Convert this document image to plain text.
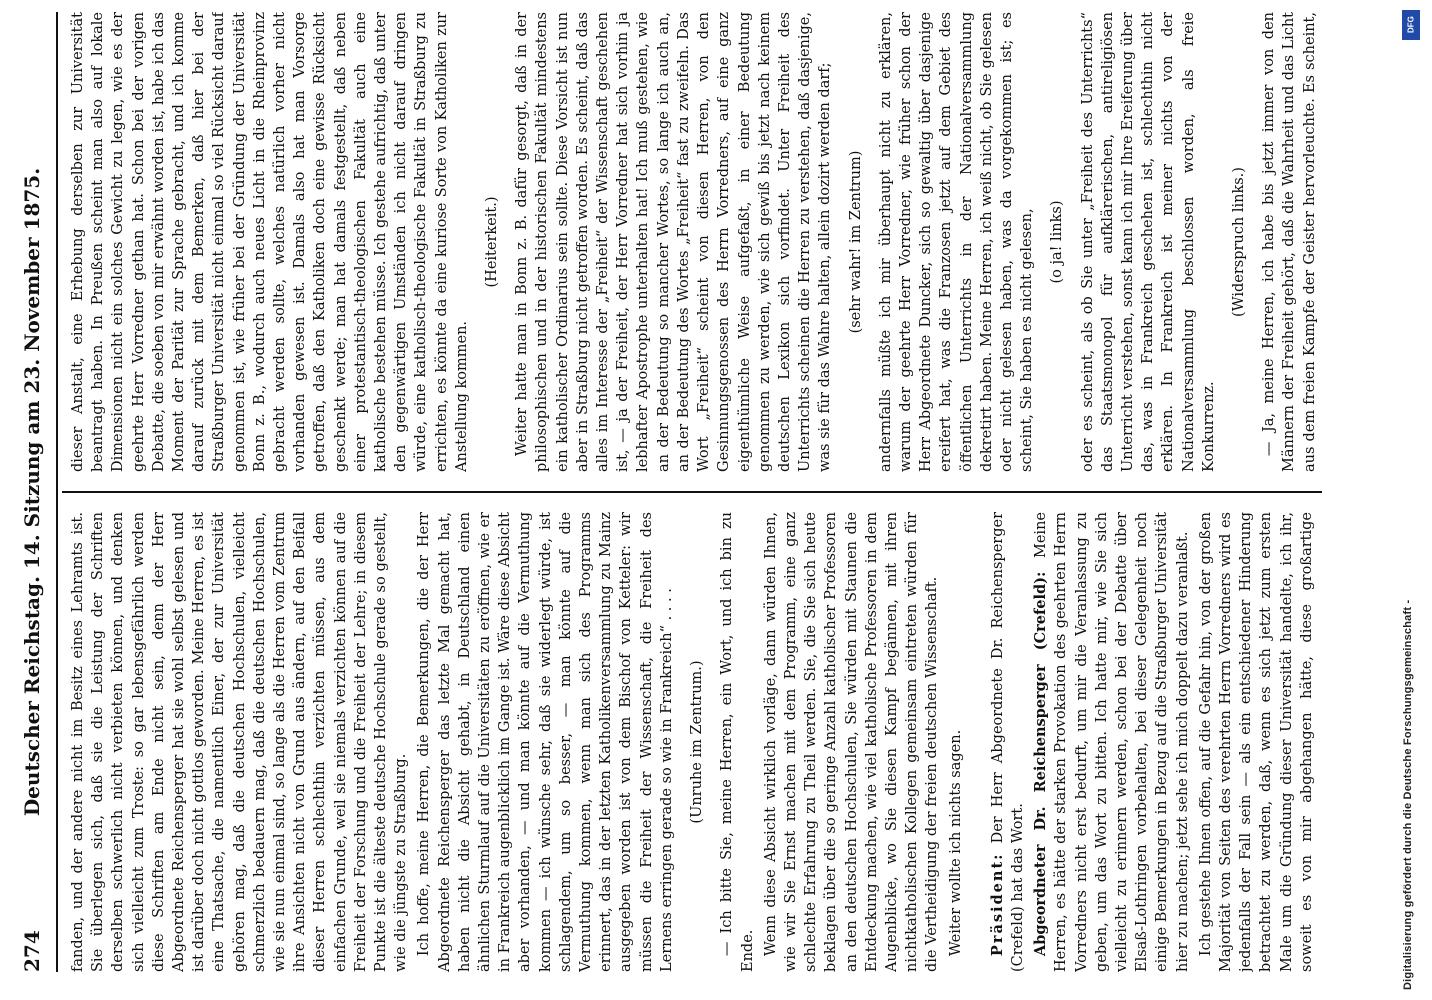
274
Deutscher Reichstag. 14. Sitzung am 23. November 1875.	fanden, und der andere nicht im Besitz eines Lehramts ist. Sie überlegen sich, daß sie die Leistung der Schriften derselben schwerlich nicht verbieten können, und denken sich vielleicht zum Troste: so gar lebensgefährlich werden diese Schriften am Ende nicht sein, denn der Herr Abgeordnete Reichensperger hat sie wohl selbst gelesen und ist darüber doch nicht gottlos geworden. Meine Herren, es ist eine Thatsache, die namentlich Einer, der zur Universität gehören mag, daß die deutschen Hochschulen, vielleicht schmerzlich bedauern mag, daß die deutschen Hochschulen, wie sie nun einmal sind, so lange als die Herren vom Zentrum ihre Ansichten nicht von Grund aus ändern, auf den Beifall dieser Herren schlechthin verzichten müssen, aus dem einfachen Grunde, weil sie niemals verzichten können auf die Freiheit der Forschung und die Freiheit der Lehre; in diesem Punkte ist die älteste deutsche Hochschule gerade so gestellt, wie die jüngste zu Straßburg. Ich hoffe, meine Herren, die Bemerkungen, die der Herr Abgeordnete Reichensperger das letzte Mal gemacht hat, haben nicht die Absicht gehabt, in Deutschland einen ähnlichen Sturmlauf auf die Universitäten zu eröffnen, wie er in Frankreich augenblicklich im Gange ist. Wäre diese Absicht aber vorhanden, — und man könnte auf die Vermuthung kommen — ich wünsche sehr, daß sie widerlegt würde, ist schlagendem, um so besser, — man könnte auf die Vermuthung kommen, wenn man sich des Programms erinnert, das in der letzten Katholikenversammlung zu Mainz ausgegeben worden ist von dem Bischof von Ketteler: wir müssen die Freiheit der Wissenschaft, die Freiheit des Lernens erringen gerade so wie in Frankreich“ . . . . (Unruhe im Zentrum.) — Ich bitte Sie, meine Herren, ein Wort, und ich bin zu Ende. Wenn diese Absicht wirklich vorläge, dann würden Ihnen, wie wir Sie Ernst machen mit dem Programm, eine ganz schlechte Erfahrung zu Theil werden. Sie, die Sie sich heute beklagen über die so geringe Anzahl katholischer Professoren an den deutschen Hochschulen, Sie würden mit Staunen die Entdeckung machen, wie viel katholische Professoren in dem Augenblicke, wo Sie diesen Kampf begännen, mit ihren nichtkatholischen Kollegen gemeinsam eintreten würden für die Vertheidigung der freien deutschen Wissenschaft. Weiter wollte ich nichts sagen. Präsident: Der Herr Abgeordnete Dr. Reichensperger (Crefeld) hat das Wort. Abgeordneter Dr. Reichensperger (Crefeld): Meine Herren, es hätte der starken Provokation des geehrten Herrn Vorredners nicht erst bedurft, um mir die Veranlassung zu geben, um das Wort zu bitten. Ich hatte mir, wie Sie sich vielleicht zu erinnern werden, schon bei der Debatte über Elsaß-Lothringen vorbehalten, bei dieser Gelegenheit noch einige Bemerkungen in Bezug auf die Straßburger Universität hier zu machen; jetzt sehe ich mich doppelt dazu veranlaßt. Ich gestehe Ihnen offen, auf die Gefahr hin, von der großen Majorität von Seiten des verehrten Herrn Vorredners wird es jedenfalls der Fall sein — als ein entschiedener Hinderung betrachtet zu werden, daß, wenn es sich jetzt zum ersten Male um die Gründung dieser Universität handelte, ich ihr, soweit es von mir abgehangen hätte, diese großartige

dieser Anstalt, eine Erhebung derselben zur Universität beantragt haben. In Preußen scheint man also auf lokale Dimensionen nicht ein solches Gewicht zu legen, wie es der geehrte Herr Vorredner gethan hat. Schon bei der vorigen Debatte, die soeben von mir erwähnt worden ist, habe ich das Moment der Parität zur Sprache gebracht, und ich komme darauf zurück mit dem Bemerken, daß hier bei der Straßburger Universität nicht einmal so viel Rücksicht darauf genommen ist, wie früher bei der Gründung der Universität Bonn z. B., wodurch auch neues Licht in die Rheinprovinz gebracht werden sollte, welches natürlich vorher nicht vorhanden gewesen ist. Damals also hat man Vorsorge getroffen, daß den Katholiken doch eine gewisse Rücksicht geschenkt werde; man hat damals festgestellt, daß neben einer protestantisch-theologischen Fakultät auch eine katholische bestehen müsse. Ich gestehe aufrichtig, daß unter den gegenwärtigen Umständen ich nicht darauf dringen würde, eine katholisch-theologische Fakultät in Straßburg zu errichten, es könnte da eine kuriose Sorte von Katholiken zur Anstellung kommen.

(Heiterkeit.) Weiter hatte man in Bonn z. B. dafür gesorgt, daß in der philosophischen und in der historischen Fakultät mindestens ein katholischer Ordinarius sein sollte. Diese Vorsicht ist nun aber in Straßburg nicht getroffen worden. Es scheint, daß das alles im Interesse der „Freiheit“ der Wissenschaft geschehen ist, — ja der Freiheit, der Herr Vorredner hat sich vorhin ja lebhafter Apostrophe unterhalten hat! Ich muß gestehen, wie an der Bedeutung so mancher Wortes, so lange ich auch an, an der Bedeutung des Wortes „Freiheit“ fast zu zweifeln. Das Wort „Freiheit“ scheint von diesen Herren, von den Gesinnungsgenossen des Herrn Vorredners, auf eine ganz eigenthümliche Weise aufgefaßt, in einer Bedeutung genommen zu werden, wie sich gewiß bis jetzt nach keinem deutschen Lexikon sich vorfindet. Unter Freiheit des Unterrichts scheinen die Herren zu verstehen, daß dasjenige, was sie für das Wahre halten, allein dozirt werden darf; (sehr wahr! im Zentrum) andernfalls müßte ich mir überhaupt nicht zu erklären, warum der geehrte Herr Vorredner, wie früher schon der Herr Abgeordnete Duncker, sich so gewaltig über dasjenige ereifert hat, was die Franzosen jetzt auf dem Gebiet des öffentlichen Unterrichts in der Nationalversammlung dekretirt haben. Meine Herren, ich weiß nicht, ob Sie gelesen oder nicht gelesen haben, was da vorgekommen ist; es scheint, Sie haben es nicht gelesen, (o ja! links) oder es scheint, als ob Sie unter „Freiheit des Unterrichts“ das Staatsmonopol für aufklärerischen, antireligiösen Unterricht verstehen, sonst kann ich mir Ihre Ereiferung über das, was in Frankreich geschehen ist, schlechthin nicht erklären. In Frankreich ist meiner nichts von der Nationalversammlung beschlossen worden, als freie Konkurrenz.

(Widerspruch links.)

— Ja, meine Herren, ich habe bis jetzt immer von den Männern der Freiheit gehört, daß die Wahrheit und das Licht aus dem freien Kampfe der Geister hervorleuchte. Es scheint,

Digitalisierung gefördert durch die Deutsche Forschungsgemeinschaft -
DFG
